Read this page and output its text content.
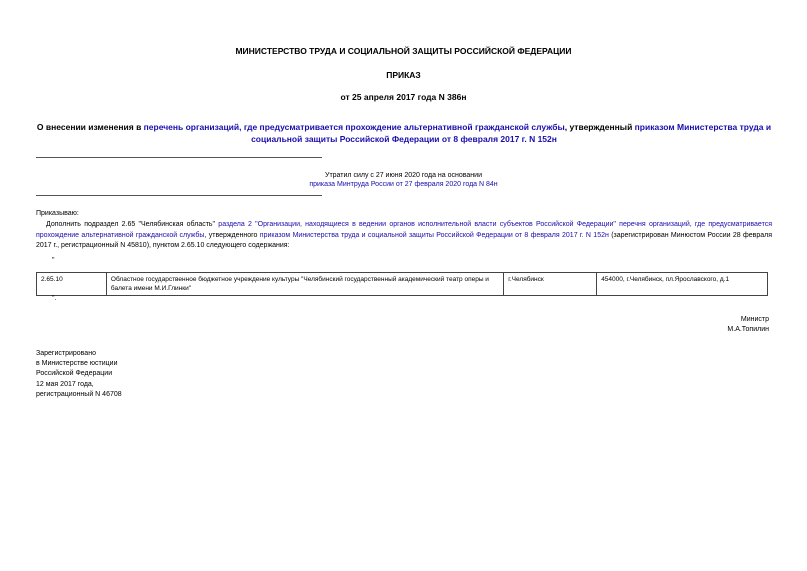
МИНИСТЕРСТВО ТРУДА И СОЦИАЛЬНОЙ ЗАЩИТЫ РОССИЙСКОЙ ФЕДЕРАЦИИ
ПРИКАЗ
от 25 апреля 2017 года N 386н
О внесении изменения в перечень организаций, где предусматривается прохождение альтернативной гражданской службы, утвержденный приказом Министерства труда и социальной защиты Российской Федерации от 8 февраля 2017 г. N 152н
Утратил силу с 27 июня 2020 года на основании
приказа Минтруда России от 27 февраля 2020 года N 84н
Приказываю:
Дополнить подраздел 2.65 "Челябинская область" раздела 2 "Организации, находящиеся в ведении органов исполнительной власти субъектов Российской Федерации" перечня организаций, где предусматривается прохождение альтернативной гражданской службы, утвержденного приказом Министерства труда и социальной защиты Российской Федерации от 8 февраля 2017 г. N 152н (зарегистрирован Минюстом России 28 февраля 2017 г., регистрационный N 45810), пунктом 2.65.10 следующего содержания:
"
2.65.10	Областное государственное бюджетное учреждение культуры "Челябинский государственный академический театр оперы и балета имени М.И.Глинки"	г.Челябинск	454000, г.Челябинск, пл.Ярославского, д.1
".
Министр
М.А.Топилин
Зарегистрировано
в Министерстве юстиции
Российской Федерации
12 мая 2017 года,
регистрационный N 46708
